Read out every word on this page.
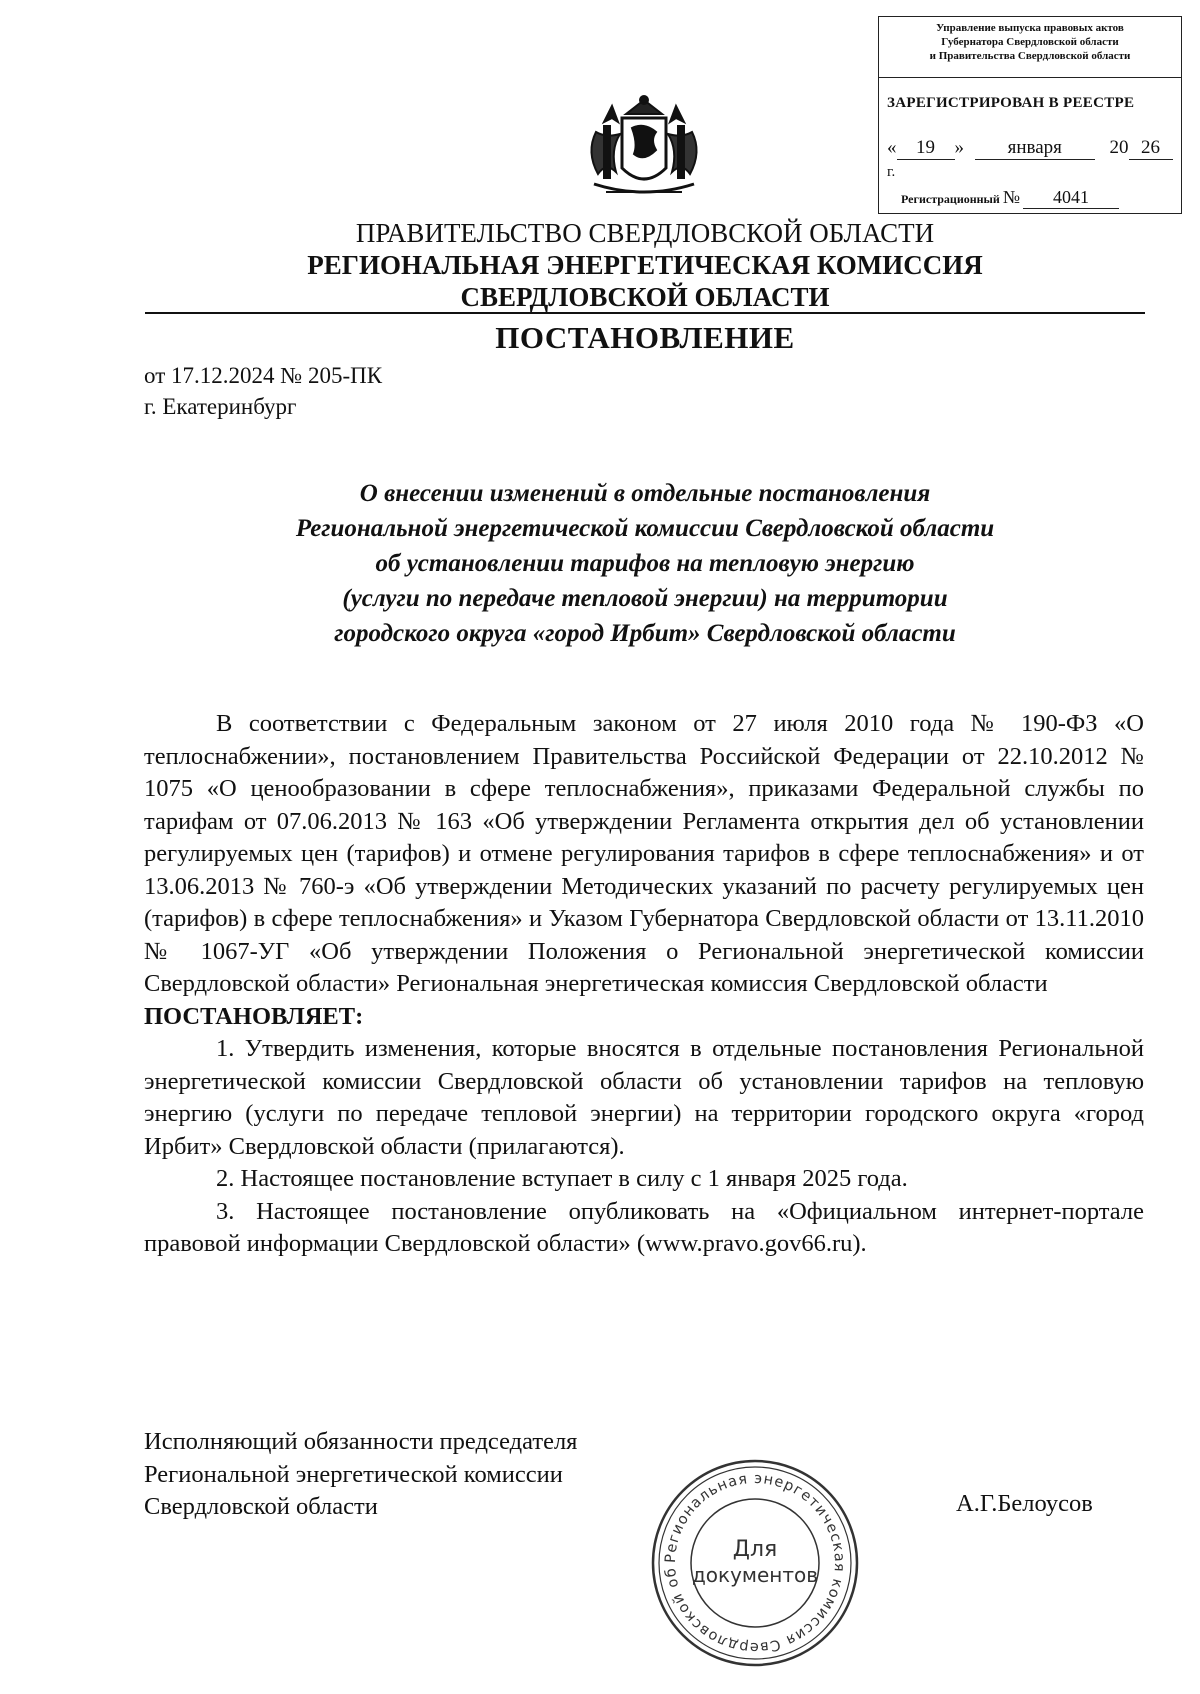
Управление выпуска правовых актов
Губернатора Свердловской области
и Правительства Свердловской области
ЗАРЕГИСТРИРОВАН В РЕЕСТРЕ
« 19 » января	20 26 г.
Регистрационный № 4041
ПРАВИТЕЛЬСТВО СВЕРДЛОВСКОЙ ОБЛАСТИ
РЕГИОНАЛЬНАЯ ЭНЕРГЕТИЧЕСКАЯ КОМИССИЯ
СВЕРДЛОВСКОЙ ОБЛАСТИ
ПОСТАНОВЛЕНИЕ
от 17.12.2024 № 205-ПК
г. Екатеринбург
О внесении изменений в отдельные постановления
Региональной энергетической комиссии Свердловской области
об установлении тарифов на тепловую энергию
(услуги по передаче тепловой энергии) на территории
городского округа «город Ирбит» Свердловской области

В соответствии с Федеральным законом от 27 июля 2010 года № 190-ФЗ «О теплоснабжении», постановлением Правительства Российской Федерации от 22.10.2012 № 1075 «О ценообразовании в сфере теплоснабжения», приказами Федеральной службы по тарифам от 07.06.2013 № 163 «Об утверждении Регламента открытия дел об установлении регулируемых цен (тарифов) и отмене регулирования тарифов в сфере теплоснабжения» и от 13.06.2013 № 760-э «Об утверждении Методических указаний по расчету регулируемых цен (тарифов) в сфере теплоснабжения» и Указом Губернатора Свердловской области от 13.11.2010 № 1067-УГ «Об утверждении Положения о Региональной энергетической комиссии Свердловской области» Региональная энергетическая комиссия Свердловской области

ПОСТАНОВЛЯЕТ:

1. Утвердить изменения, которые вносятся в отдельные постановления Региональной энергетической комиссии Свердловской области об установлении тарифов на тепловую энергию (услуги по передаче тепловой энергии) на территории городского округа «город Ирбит» Свердловской области (прилагаются).

2. Настоящее постановление вступает в силу с 1 января 2025 года.

3. Настоящее постановление опубликовать на «Официальном интернет-портале правовой информации Свердловской области» (www.pravo.gov66.ru).

Исполняющий обязанности председателя
Региональной энергетической комиссии
Свердловской области	А.Г.Белоусов
Региональная энергетическая комиссия Свердловской об
Для
документов
